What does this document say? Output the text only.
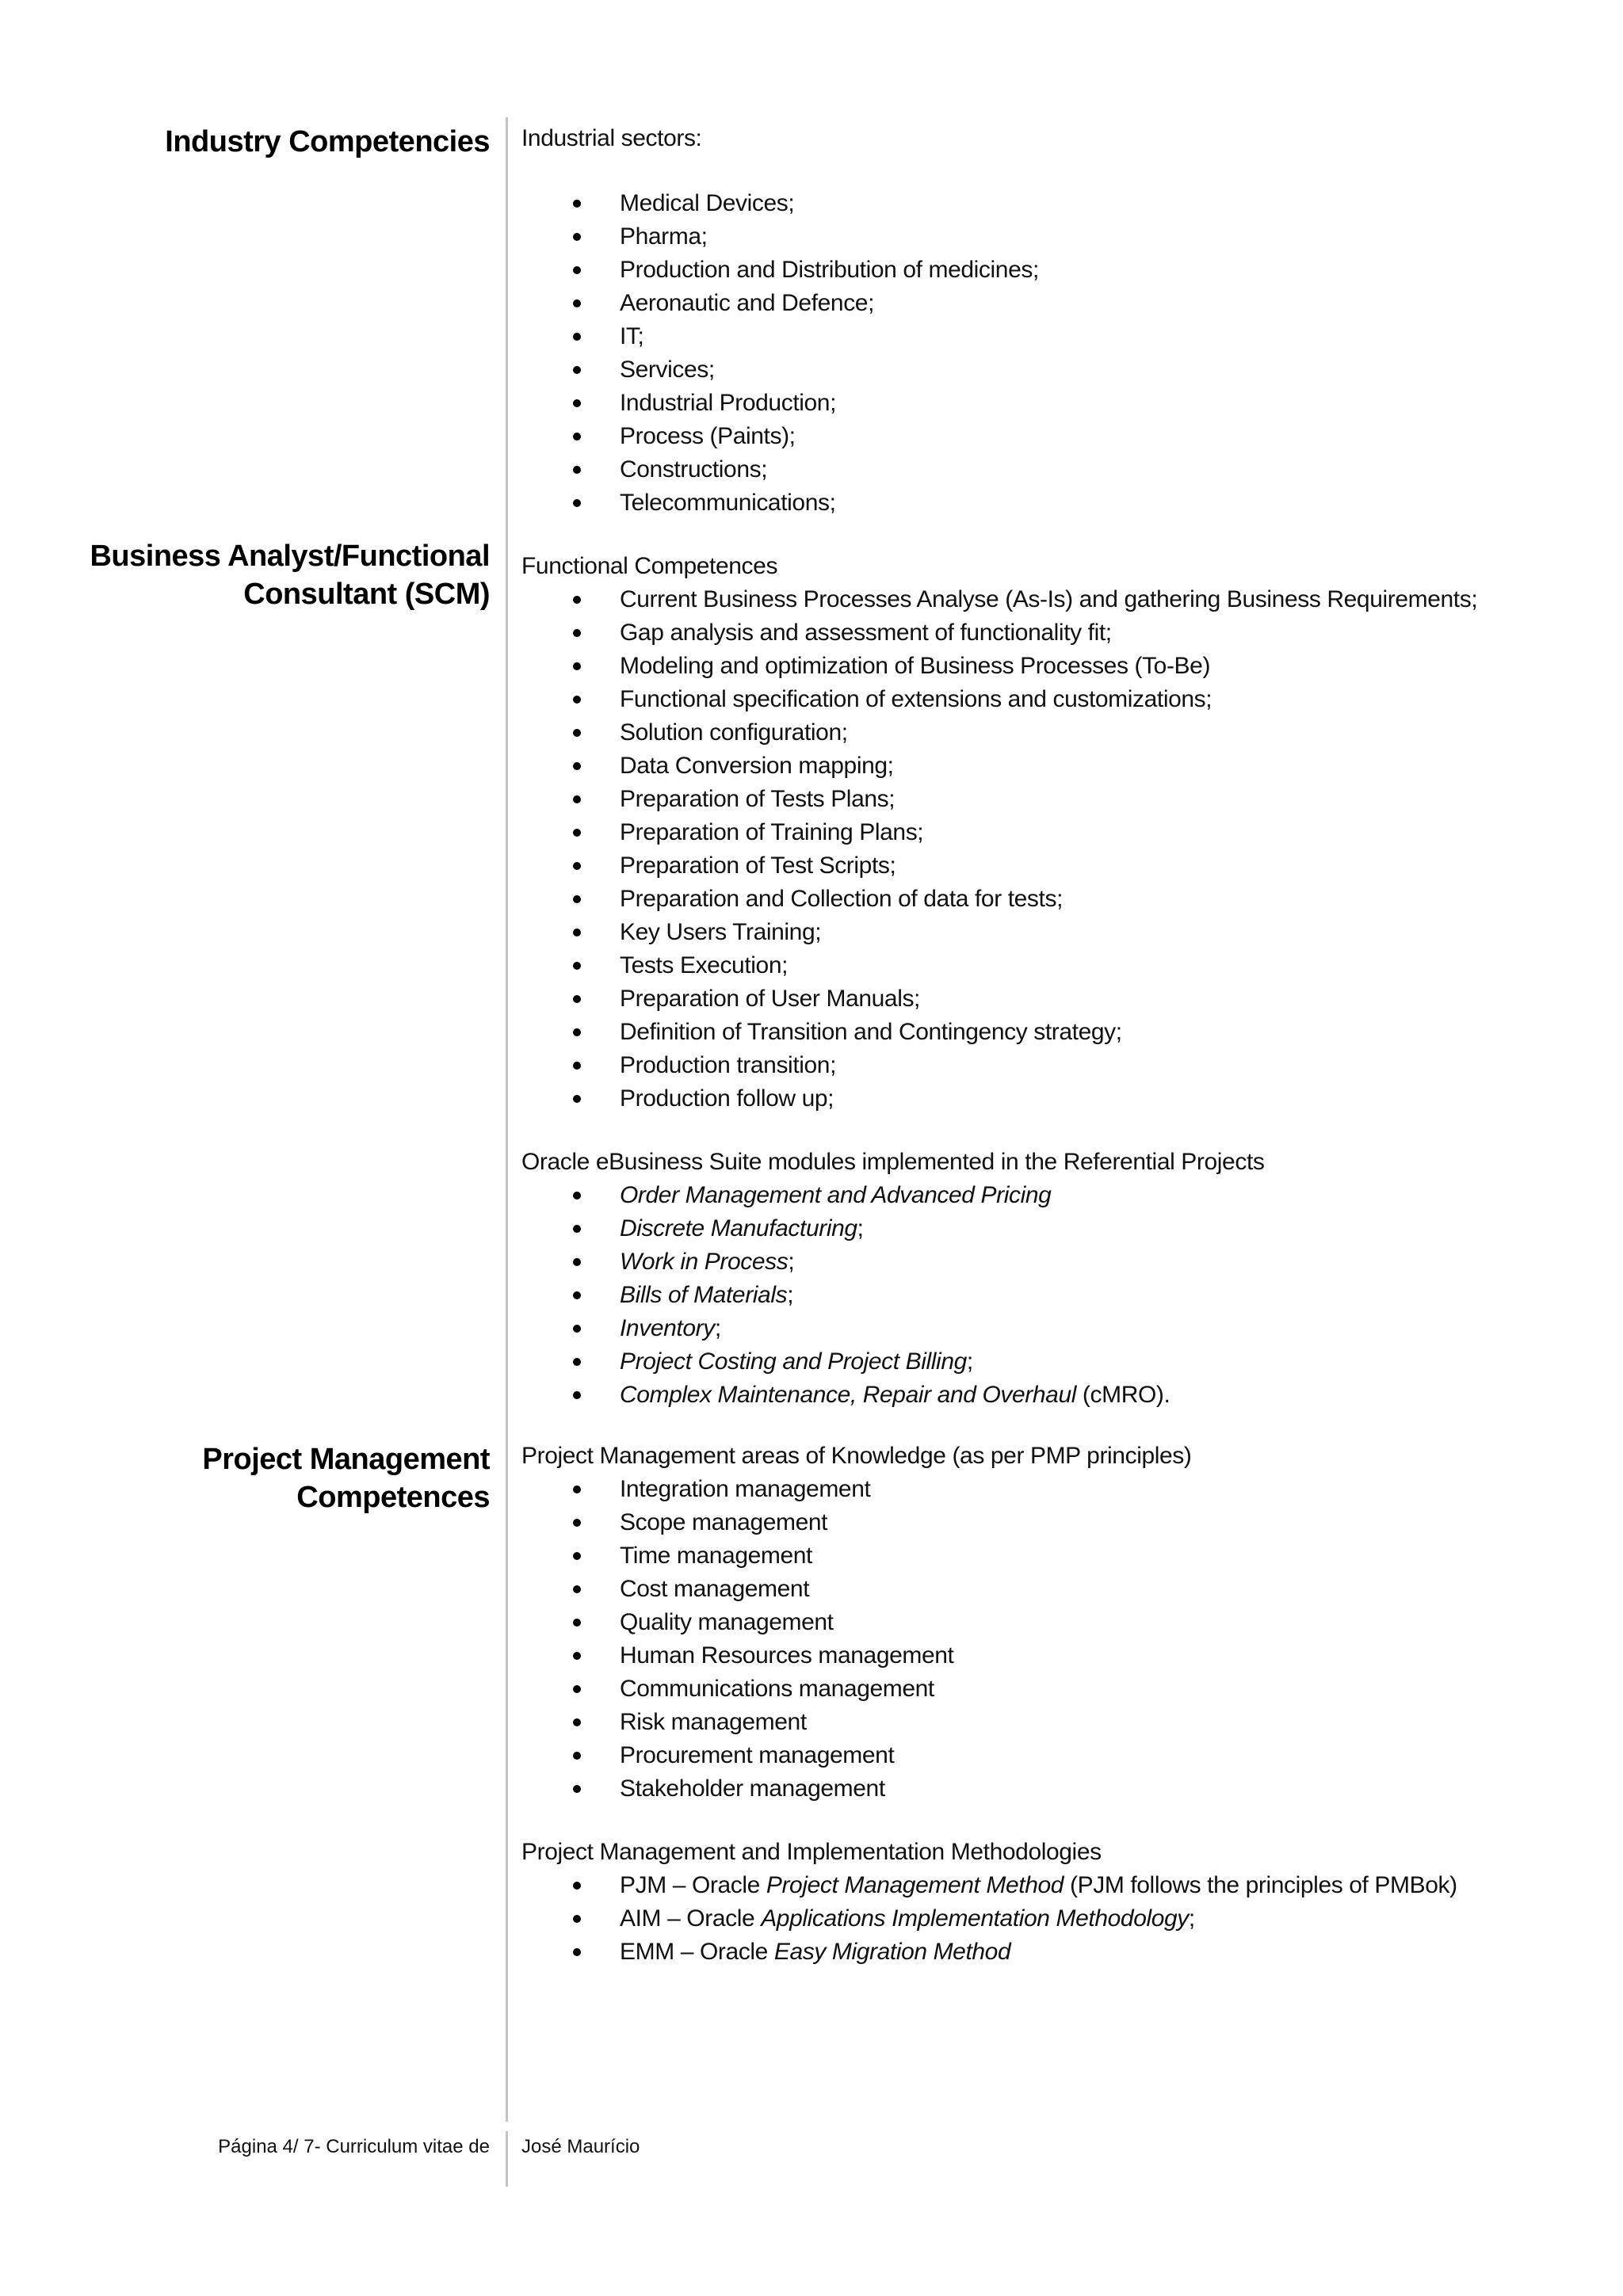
Industry Competencies Industrial sectors:

Medical Devices;
Pharma;
Production and Distribution of medicines;
Aeronautic and Defence;
IT;
Services;
Industrial Production;
Process (Paints);
Constructions;
Telecommunications;
Business Analyst/Functional
Consultant (SCM)

Functional Competences

Current Business Processes Analyse (As-Is) and gathering Business Requirements;
Gap analysis and assessment of functionality fit;
Modeling and optimization of Business Processes (To-Be)
Functional specification of extensions and customizations;
Solution configuration;
Data Conversion mapping;
Preparation of Tests Plans;
Preparation of Training Plans;
Preparation of Test Scripts;
Preparation and Collection of data for tests;
Key Users Training;
Tests Execution;
Preparation of User Manuals;
Definition of Transition and Contingency strategy;
Production transition;
Production follow up;

Oracle eBusiness Suite modules implemented in the Referential Projects

Order Management and Advanced Pricing
Discrete Manufacturing;
Work in Process;
Bills of Materials;
Inventory;
Project Costing and Project Billing;
Complex Maintenance, Repair and Overhaul (cMRO).
Project Management
Competences

Project Management areas of Knowledge (as per PMP principles)

Integration management
Scope management
Time management
Cost management
Quality management
Human Resources management
Communications management
Risk management
Procurement management
Stakeholder management

Project Management and Implementation Methodologies

PJM – Oracle Project Management Method (PJM follows the principles of PMBok)
AIM – Oracle Applications Implementation Methodology;
EMM – Oracle Easy Migration Method
Página 4/ 7- Curriculum vitae de José Maurício
